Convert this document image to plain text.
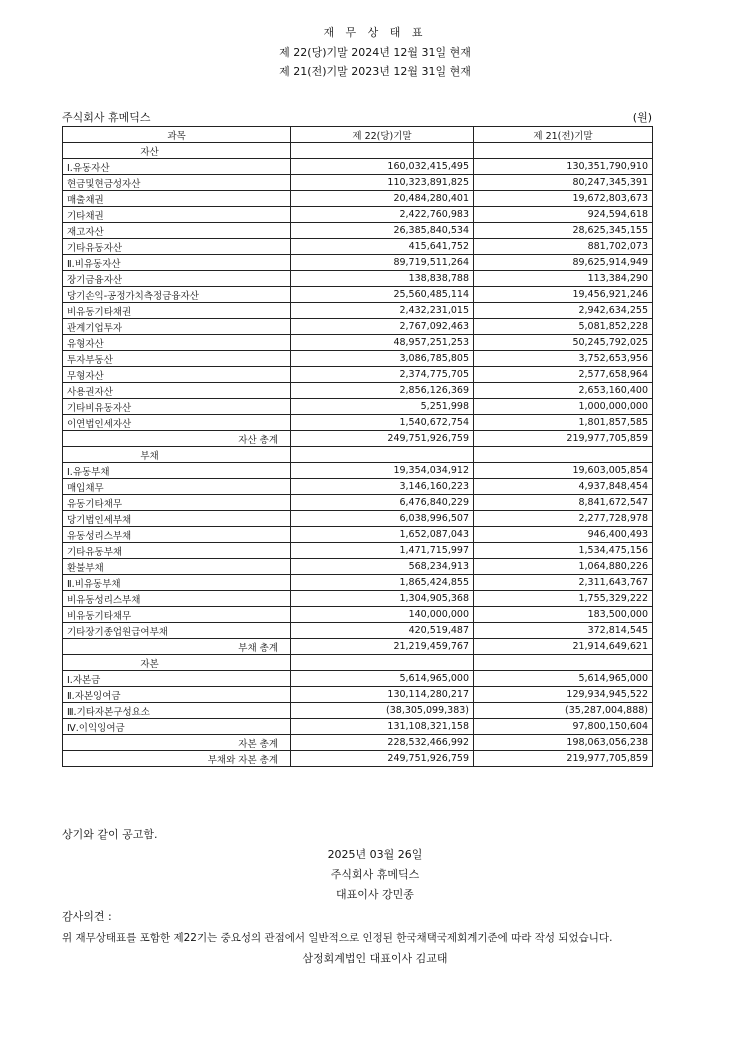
재 무 상 태 표
제 22(당)기말 2024년 12월 31일 현재
제 21(전)기말 2023년 12월 31일 현재
주식회사 휴메딕스	(원)
과목	제 22(당)기말	제 21(전)기말
자산		
Ⅰ.유동자산	160,032,415,495	130,351,790,910
현금및현금성자산	110,323,891,825	80,247,345,391
매출채권	20,484,280,401	19,672,803,673
기타채권	2,422,760,983	924,594,618
재고자산	26,385,840,534	28,625,345,155
기타유동자산	415,641,752	881,702,073
Ⅱ.비유동자산	89,719,511,264	89,625,914,949
장기금융자산	138,838,788	113,384,290
당기손익-공정가치측정금융자산	25,560,485,114	19,456,921,246
비유동기타채권	2,432,231,015	2,942,634,255
관계기업투자	2,767,092,463	5,081,852,228
유형자산	48,957,251,253	50,245,792,025
투자부동산	3,086,785,805	3,752,653,956
무형자산	2,374,775,705	2,577,658,964
사용권자산	2,856,126,369	2,653,160,400
기타비유동자산	5,251,998	1,000,000,000
이연법인세자산	1,540,672,754	1,801,857,585
자산 총계	249,751,926,759	219,977,705,859
부채		
Ⅰ.유동부채	19,354,034,912	19,603,005,854
매입채무	3,146,160,223	4,937,848,454
유동기타채무	6,476,840,229	8,841,672,547
당기법인세부채	6,038,996,507	2,277,728,978
유동성리스부채	1,652,087,043	946,400,493
기타유동부채	1,471,715,997	1,534,475,156
환불부채	568,234,913	1,064,880,226
Ⅱ.비유동부채	1,865,424,855	2,311,643,767
비유동성리스부채	1,304,905,368	1,755,329,222
비유동기타채무	140,000,000	183,500,000
기타장기종업원급여부채	420,519,487	372,814,545
부채 총계	21,219,459,767	21,914,649,621
자본		
Ⅰ.자본금	5,614,965,000	5,614,965,000
Ⅱ.자본잉여금	130,114,280,217	129,934,945,522
Ⅲ.기타자본구성요소	(38,305,099,383)	(35,287,004,888)
Ⅳ.이익잉여금	131,108,321,158	97,800,150,604
자본 총계	228,532,466,992	198,063,056,238
부채와 자본 총계	249,751,926,759	219,977,705,859
상기와 같이 공고함.
2025년 03월 26일
주식회사 휴메딕스
대표이사 강민종
감사의견 :
위 재무상태표를 포함한 제22기는 중요성의 관점에서 일반적으로 인정된 한국채택국제회계기준에 따라 작성 되었습니다.
삼정회계법인 대표이사 김교태
